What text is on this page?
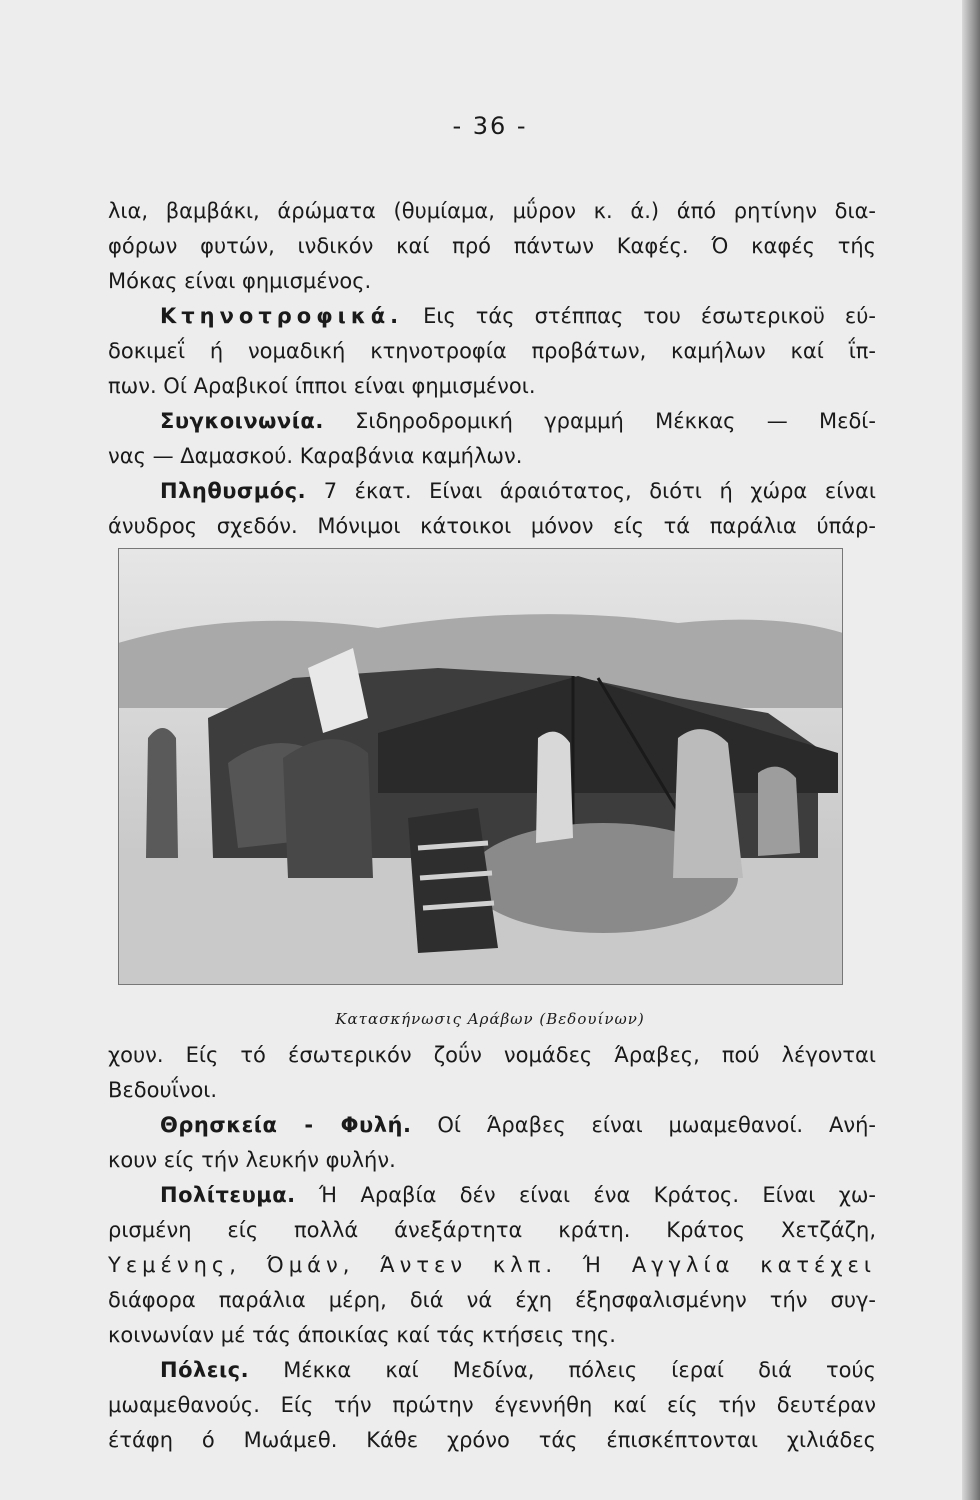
- 36 -
λια, βαμβάκι, άρώματα (θυμίαμα, μΰρον κ. ά.) άπό ρητίνην δια-
φόρων φυτών, ινδικόν καί πρό πάντων Καφές. Ό καφές τής
Μόκας είναι φημισμένος.
Κτηνοτροφικά. Εις τάς στέππας του έσωτερικοϋ εύ-
δοκιμεΐ ή νομαδική κτηνοτροφία προβάτων, καμήλων καί ΐπ-
πων. Οί Αραβικοί ίπποι είναι φημισμένοι.
Συγκοινωνία. Σιδηροδρομική γραμμή Μέκκας — Μεδί-
νας — Δαμασκού. Καραβάνια καμήλων.
Πληθυσμός. 7 έκατ. Είναι άραιότατος, διότι ή χώρα είναι
άνυδρος σχεδόν. Μόνιμοι κάτοικοι μόνον είς τά παράλια ύπάρ-
Κατασκήνωσις Αράβων (Βεδουίνων)
χουν. Είς τό έσωτερικόν ζοΰν νομάδες Άραβες, πού λέγονται
Βεδουΐνοι.
Θρησκεία - Φυλή. Οί Άραβες είναι μωαμεθανοί. Ανή-
κουν είς τήν λευκήν φυλήν.
Πολίτευμα. Ή Αραβία δέν είναι ένα Κράτος. Είναι χω-
ρισμένη είς πολλά άνεξάρτητα κράτη. Κράτος Χετζάζη,
Υεμένης, Όμάν, Άντεν κλπ. Ή Αγγλία κατέχει
διάφορα παράλια μέρη, διά νά έχη έξησφαλισμένην τήν συγ-
κοινωνίαν μέ τάς άποικίας καί τάς κτήσεις της.
Πόλεις. Μέκκα καί Μεδίνα, πόλεις ίεραί διά τούς
μωαμεθανούς. Είς τήν πρώτην έγεννήθη καί είς τήν δευτέραν
έτάφη ό Μωάμεθ. Κάθε χρόνο τάς έπισκέπτονται χιλιάδες
